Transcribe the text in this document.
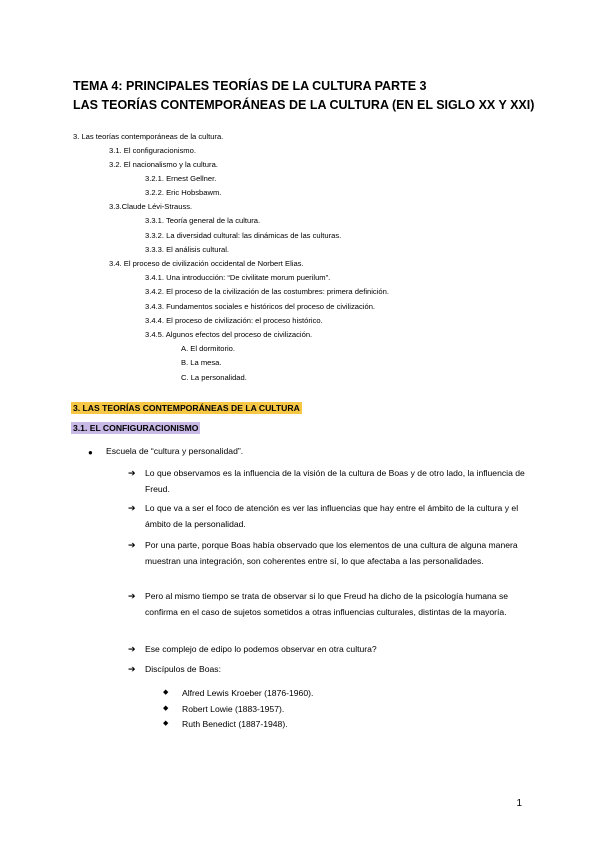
TEMA 4: PRINCIPALES TEORÍAS DE LA CULTURA PARTE 3
LAS TEORÍAS CONTEMPORÁNEAS DE LA CULTURA (EN EL SIGLO XX Y XXI)
3. Las teorías contemporáneas de la cultura.
3.1. El configuracionismo.
3.2. El nacionalismo y la cultura.
3.2.1. Ernest Gellner.
3.2.2. Eric Hobsbawm.
3.3.Claude Lévi-Strauss.
3.3.1. Teoría general de la cultura.
3.3.2. La diversidad cultural: las dinámicas de las culturas.
3.3.3. El análisis cultural.
3.4. El proceso de civilización occidental de Norbert Elias.
3.4.1. Una introducción: “De civilitate morum puerilum”.
3.4.2. El proceso de la civilización de las costumbres: primera definición.
3.4.3. Fundamentos sociales e históricos del proceso de civilización.
3.4.4. El proceso de civilización: el proceso histórico.
3.4.5. Algunos efectos del proceso de civilización.
A. El dormitorio.
B. La mesa.
C. La personalidad.
3. LAS TEORÍAS CONTEMPORÁNEAS DE LA CULTURA
3.1. EL CONFIGURACIONISMO
● Escuela de “cultura y personalidad”.
➔ Lo que observamos es la influencia de la visión de la cultura de Boas y de otro lado, la influencia de Freud.
➔ Lo que va a ser el foco de atención es ver las influencias que hay entre el ámbito de la cultura y el ámbito de la personalidad.
➔ Por una parte, porque Boas había observado que los elementos de una cultura de alguna manera muestran una integración, son coherentes entre sí, lo que afectaba a las personalidades.
➔ Pero al mismo tiempo se trata de observar si lo que Freud ha dicho de la psicología humana se confirma en el caso de sujetos sometidos a otras influencias culturales, distintas de la mayoría.
➔ Ese complejo de edipo lo podemos observar en otra cultura?
➔ Discípulos de Boas:
◆ Alfred Lewis Kroeber (1876-1960).
◆ Robert Lowie (1883-1957).
◆ Ruth Benedict (1887-1948).
1
